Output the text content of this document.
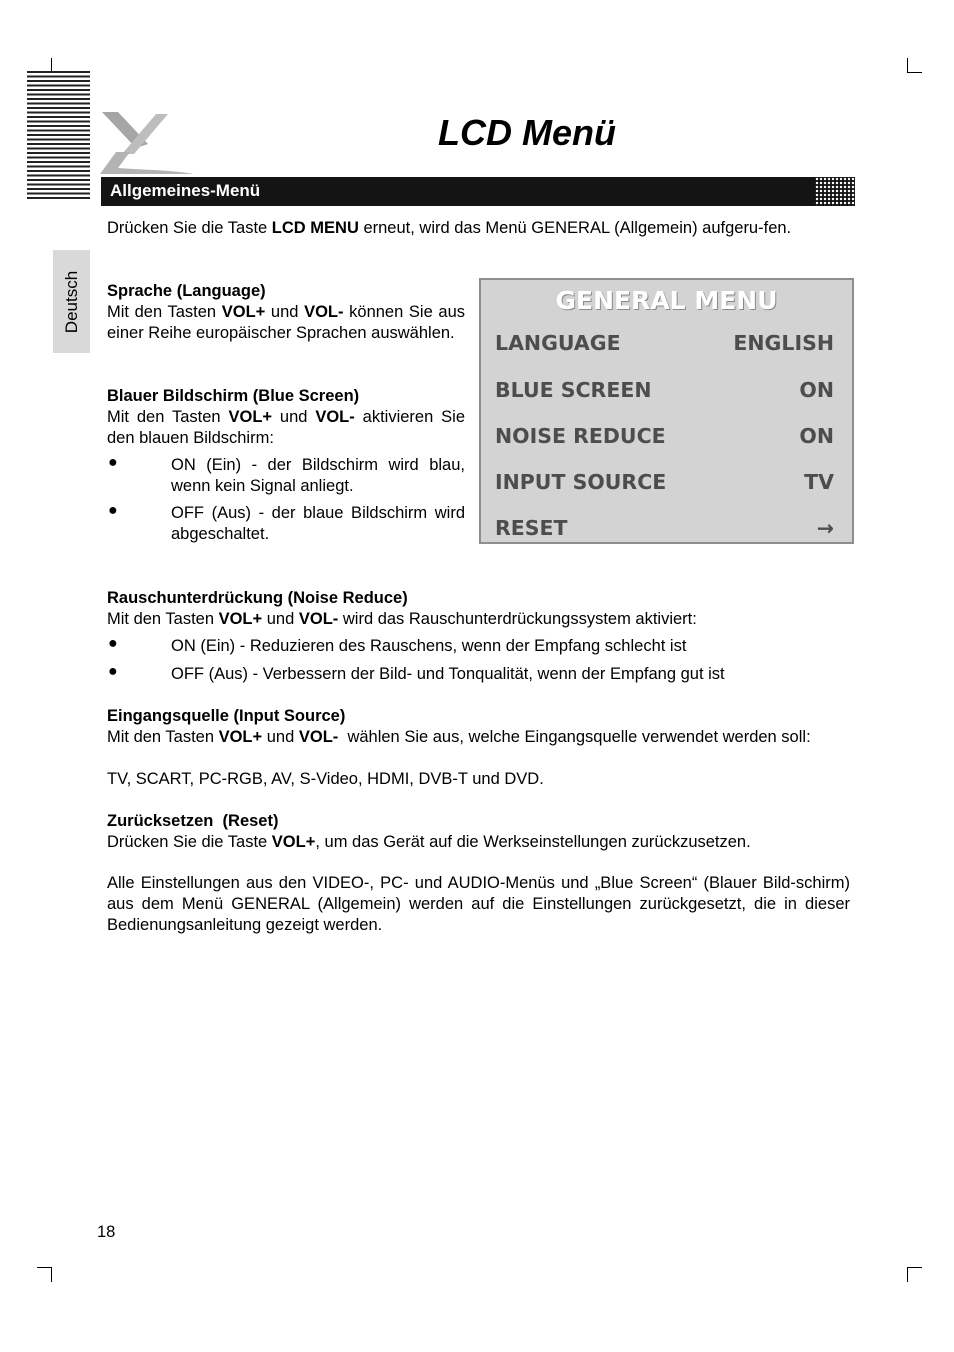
LCD Menü
Allgemeines-Menü
Deutsch
Drücken Sie die Taste LCD MENU erneut, wird das Menü GENERAL (Allgemein) aufgeru-fen.
Sprache (Language)
Mit den Tasten VOL+ und VOL- können Sie aus einer Reihe europäischer Sprachen auswählen.
Blauer Bildschirm (Blue Screen)
Mit den Tasten VOL+ und VOL- aktivieren Sie den blauen Bildschirm:
●	ON (Ein) - der Bildschirm wird blau, wenn kein Signal anliegt.
●	OFF (Aus) - der blaue Bildschirm wird abgeschaltet.
GENERAL MENU
LANGUAGE	ENGLISH
BLUE SCREEN	ON
NOISE REDUCE	ON
INPUT SOURCE	TV
RESET	→
Rauschunterdrückung (Noise Reduce)
Mit den Tasten VOL+ und VOL- wird das Rauschunterdrückungssystem aktiviert:
●	ON (Ein) - Reduzieren des Rauschens, wenn der Empfang schlecht ist
●	OFF (Aus) - Verbessern der Bild- und Tonqualität, wenn der Empfang gut ist
Eingangsquelle (Input Source)
Mit den Tasten VOL+ und VOL-  wählen Sie aus, welche Eingangsquelle verwendet werden soll:
TV, SCART, PC-RGB, AV, S-Video, HDMI, DVB-T und DVD.
Zurücksetzen  (Reset)
Drücken Sie die Taste VOL+, um das Gerät auf die Werkseinstellungen zurückzusetzen.
Alle Einstellungen aus den VIDEO-, PC- und AUDIO-Menüs und „Blue Screen“ (Blauer Bild-schirm) aus dem Menü GENERAL (Allgemein) werden auf die Einstellungen zurückgesetzt, die in dieser Bedienungsanleitung gezeigt werden.
18
